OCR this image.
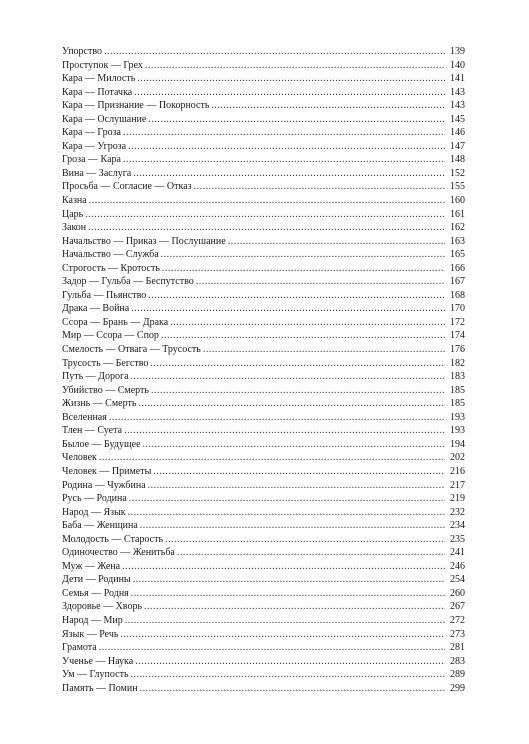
Упорство .....	139
Проступок — Грех .....	140
Кара — Милость .....	141
Кара — Потачка .....	143
Кара — Признание — Покорность .....	143
Кара — Ослушание .....	145
Кара — Гроза .....	146
Кара — Угроза .....	147
Гроза — Кара .....	148
Вина — Заслуга .....	152
Просьба — Согласие — Отказ .....	155
Казна .....	160
Царь .....	161
Закон .....	162
Начальство — Приказ — Послушание .....	163
Начальство — Служба .....	165
Строгость — Кротость .....	166
Задор — Гульба — Беспутство .....	167
Гульба — Пьянство .....	168
Драка — Война .....	170
Ссора — Брань — Драка .....	172
Мир — Ссора — Спор .....	174
Смелость — Отвага — Трусость .....	176
Трусость — Бегство .....	182
Путь — Дорога .....	183
Убийство — Смерть .....	185
Жизнь — Смерть .....	185
Вселенная .....	193
Тлен — Суета .....	193
Былое — Будущее .....	194
Человек .....	202
Человек — Приметы .....	216
Родина — Чужбина .....	217
Русь — Родина .....	219
Народ — Язык .....	232
Баба — Женщина .....	234
Молодость — Старость .....	235
Одиночество — Женитьба .....	241
Муж — Жена .....	246
Дети — Родины .....	254
Семья — Родня .....	260
Здоровье — Хворь .....	267
Народ — Мир .....	272
Язык — Речь .....	273
Грамота .....	281
Ученье — Наука .....	283
Ум — Глупость .....	289
Память — Помин .....	299
